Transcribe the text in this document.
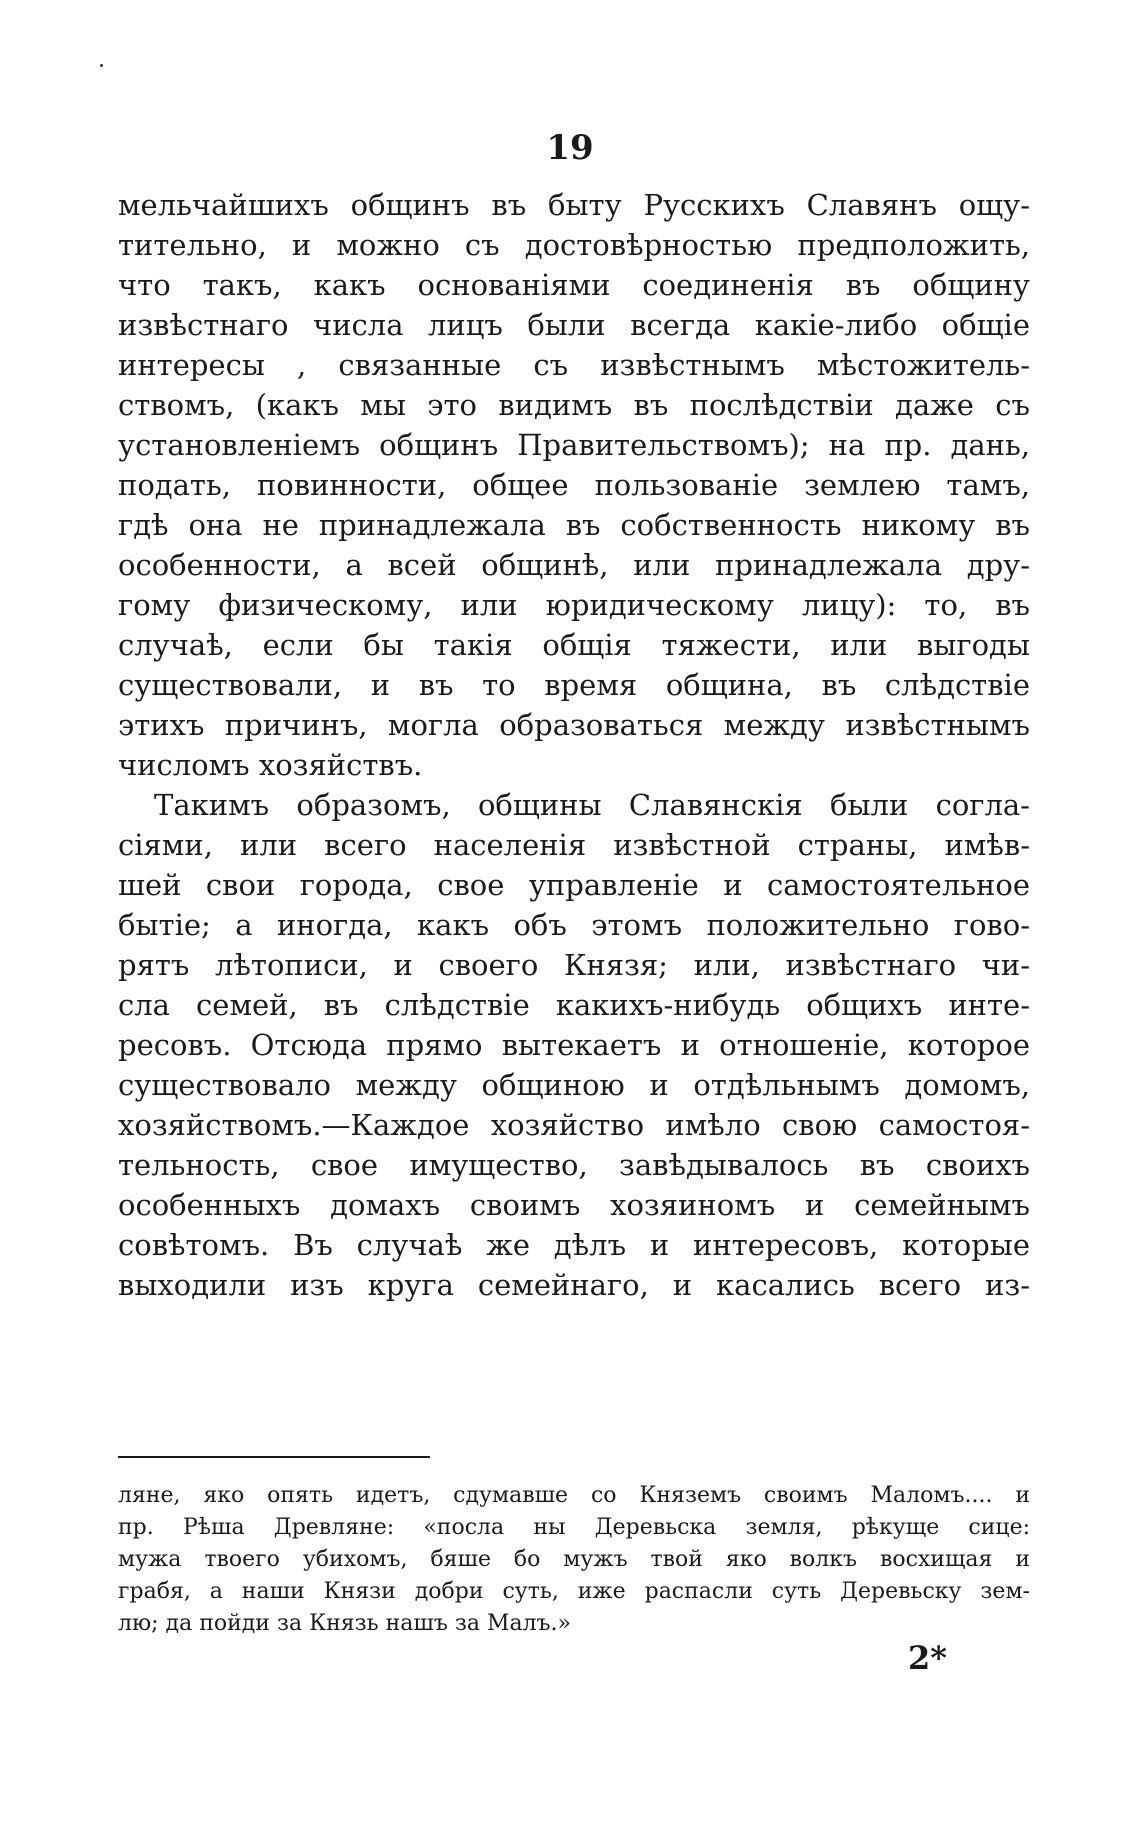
19
мельчайшихъ общинъ въ быту Русскихъ Славянъ ощу-
тительно, и можно съ достовѣрностью предположить,
что такъ, какъ основаніями соединенія въ общину
извѣстнаго числа лицъ были всегда какіе-либо общіе
интересы , связанные съ извѣстнымъ мѣстожитель-
ствомъ, (какъ мы это видимъ въ послѣдствіи даже съ
установленіемъ общинъ Правительствомъ); на пр. дань,
подать, повинности, общее пользованіе землею тамъ,
гдѣ она не принадлежала въ собственность никому въ
особенности, а всей общинѣ, или принадлежала дру-
гому физическому, или юридическому лицу): то, въ
случаѣ, если бы такія общія тяжести, или выгоды
существовали, и въ то время община, въ слѣдствіе
этихъ причинъ, могла образоваться между извѣстнымъ
числомъ хозяйствъ.
Такимъ образомъ, общины Славянскія были согла-
сіями, или всего населенія извѣстной страны, имѣв-
шей свои города, свое управленіе и самостоятельное
бытіе; а иногда, какъ объ этомъ положительно гово-
рятъ лѣтописи, и своего Князя; или, извѣстнаго чи-
сла семей, въ слѣдствіе какихъ-нибудь общихъ инте-
ресовъ. Отсюда прямо вытекаетъ и отношеніе, которое
существовало между общиною и отдѣльнымъ домомъ,
хозяйствомъ.—Каждое хозяйство имѣло свою самостоя-
тельность, свое имущество, завѣдывалось въ своихъ
особенныхъ домахъ своимъ хозяиномъ и семейнымъ
совѣтомъ. Въ случаѣ же дѣлъ и интересовъ, которые
выходили изъ круга семейнаго, и касались всего из-
ляне, яко опять идетъ, сдумавше со Княземъ своимъ Маломъ.... и
пр. Рѣша Древляне: «посла ны Деревьска земля, рѣкуще сице:
мужа твоего убихомъ, бяше бо мужъ твой яко волкъ восхищая и
грабя, а наши Князи добри суть, иже распасли суть Деревьску зем-
лю; да пойди за Князь нашъ за Малъ.»
2*
